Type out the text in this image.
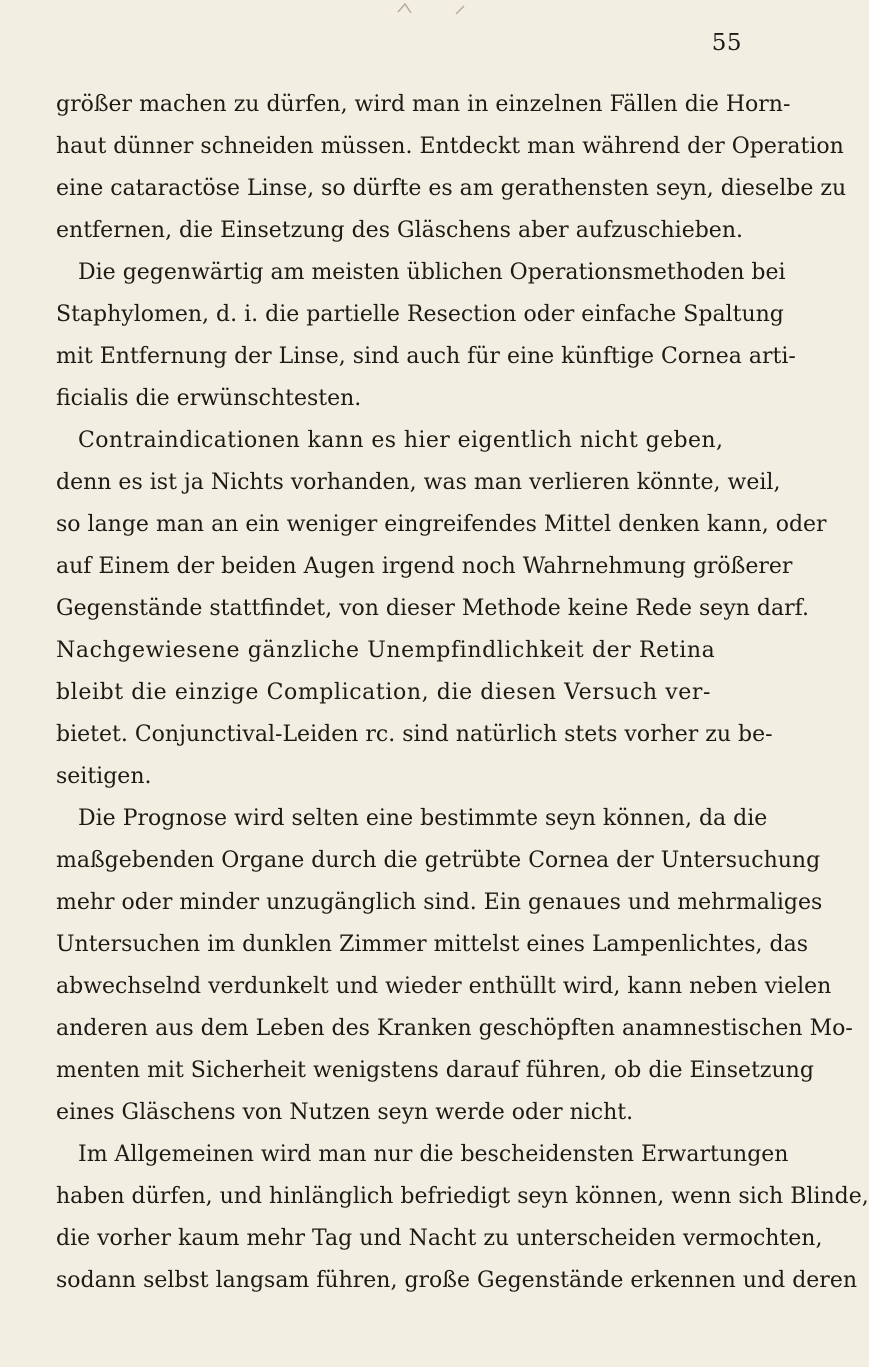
55
größer machen zu dürfen, wird man in einzelnen Fällen die Horn-
haut dünner schneiden müssen. Entdeckt man während der Operation
eine cataractöse Linse, so dürfte es am gerathensten seyn, dieselbe zu
entfernen, die Einsetzung des Gläschens aber aufzuschieben.
Die gegenwärtig am meisten üblichen Operationsmethoden bei
Staphylomen, d. i. die partielle Resection oder einfache Spaltung
mit Entfernung der Linse, sind auch für eine künftige Cornea arti-
ficialis die erwünschtesten.
Contraindicationen kann es hier eigentlich nicht geben,
denn es ist ja Nichts vorhanden, was man verlieren könnte, weil,
so lange man an ein weniger eingreifendes Mittel denken kann, oder
auf Einem der beiden Augen irgend noch Wahrnehmung größerer
Gegenstände stattfindet, von dieser Methode keine Rede seyn darf.
Nachgewiesene gänzliche Unempfindlichkeit der Retina
bleibt die einzige Complication, die diesen Versuch ver-
bietet. Conjunctival-Leiden rc. sind natürlich stets vorher zu be-
seitigen.
Die Prognose wird selten eine bestimmte seyn können, da die
maßgebenden Organe durch die getrübte Cornea der Untersuchung
mehr oder minder unzugänglich sind. Ein genaues und mehrmaliges
Untersuchen im dunklen Zimmer mittelst eines Lampenlichtes, das
abwechselnd verdunkelt und wieder enthüllt wird, kann neben vielen
anderen aus dem Leben des Kranken geschöpften anamnestischen Mo-
menten mit Sicherheit wenigstens darauf führen, ob die Einsetzung
eines Gläschens von Nutzen seyn werde oder nicht.
Im Allgemeinen wird man nur die bescheidensten Erwartungen
haben dürfen, und hinlänglich befriedigt seyn können, wenn sich Blinde,
die vorher kaum mehr Tag und Nacht zu unterscheiden vermochten,
sodann selbst langsam führen, große Gegenstände erkennen und deren
